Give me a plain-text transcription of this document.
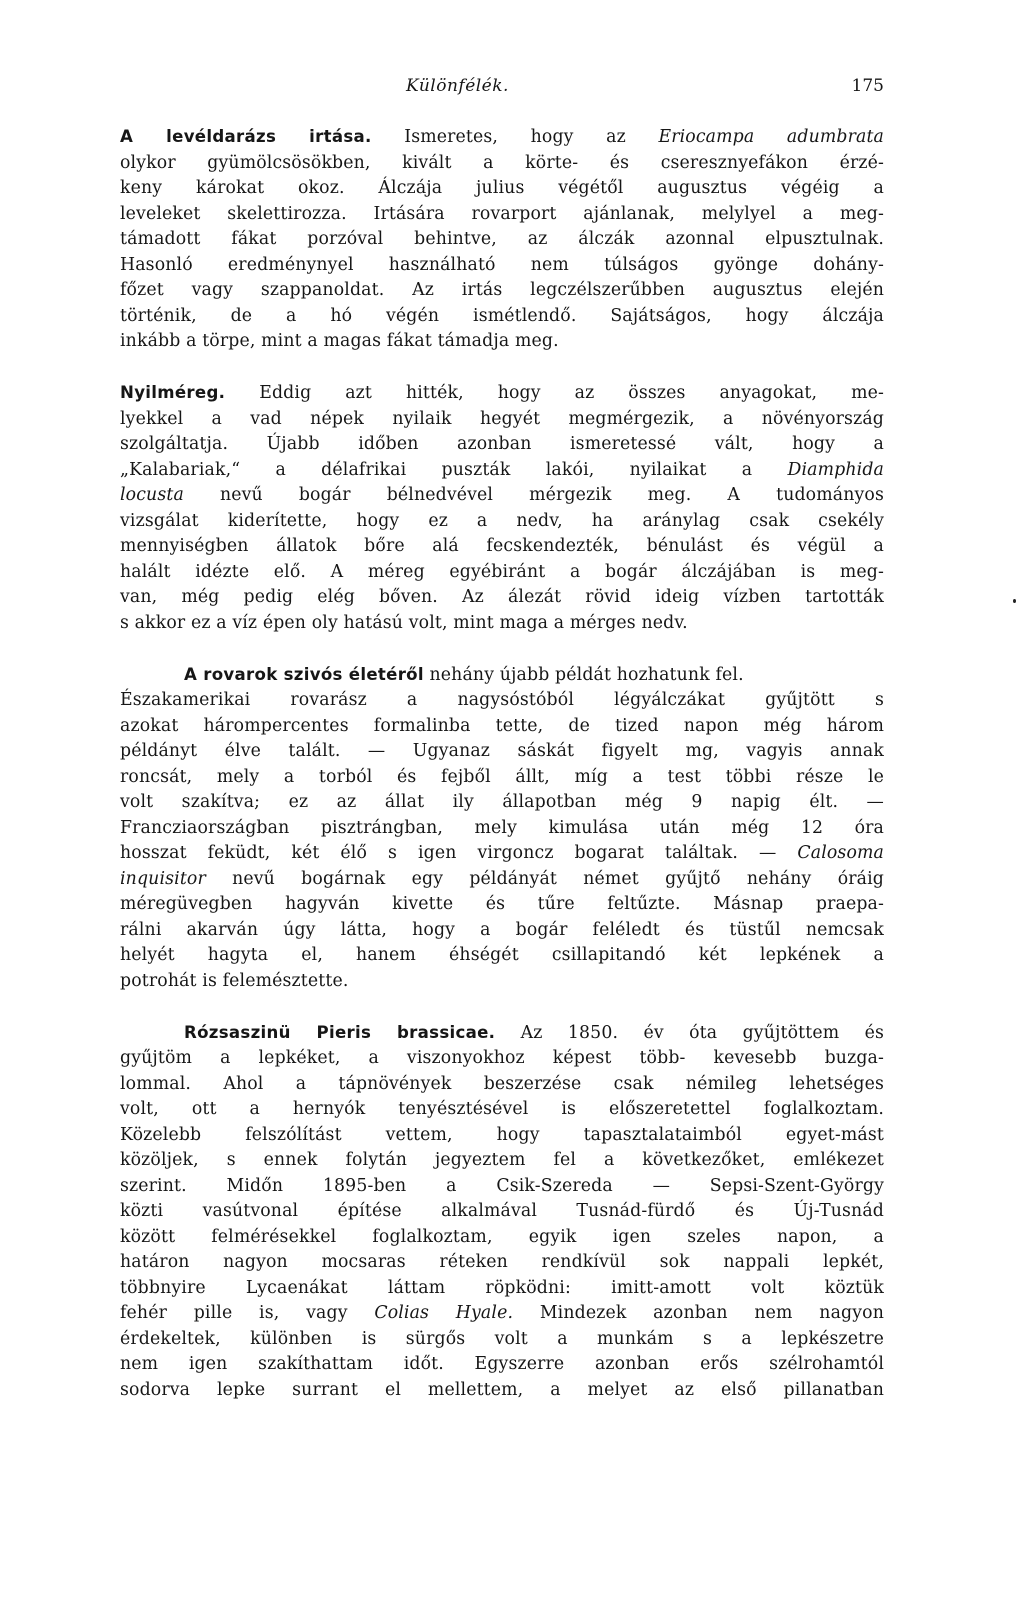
Különfélék.	175

A levéldarázs irtása. Ismeretes, hogy az Eriocampa adumbrata
olykor gyümölcsösökben, kivált a körte- és cseresznyefákon érzé-
keny károkat okoz. Álczája julius végétől augusztus végéig a
leveleket skelettirozza. Irtására rovarport ajánlanak, melylyel a meg-
támadott fákat porzóval behintve, az álczák azonnal elpusztulnak.
Hasonló eredménynyel használható nem túlságos gyönge dohány-
főzet vagy szappanoldat. Az irtás legczélszerűbben augusztus elején
történik, de a hó végén ismétlendő. Sajátságos, hogy álczája
inkább a törpe, mint a magas fákat támadja meg.

Nyilméreg. Eddig azt hitték, hogy az összes anyagokat, me-
lyekkel a vad népek nyilaik hegyét megmérgezik, a növényország
szolgáltatja. Újabb időben azonban ismeretessé vált, hogy a
„Kalabariak,“ a délafrikai puszták lakói, nyilaikat a Diamphida
locusta nevű bogár bélnedvével mérgezik meg. A tudományos
vizsgálat kiderítette, hogy ez a nedv, ha aránylag csak csekély
mennyiségben állatok bőre alá fecskendezték, bénulást és végül a
halált idézte elő. A méreg egyébiránt a bogár álczájában is meg-
van, még pedig elég bőven. Az álezát rövid ideig vízben tartották
s akkor ez a víz épen oly hatású volt, mint maga a mérges nedv.

A rovarok szivós életéről nehány újabb példát hozhatunk fel.
Északamerikai rovarász a nagysóstóból légyálczákat gyűjtött s
azokat hárompercentes formalinba tette, de tized napon még három
példányt élve talált. — Ugyanaz sáskát figyelt mg, vagyis annak
roncsát, mely a torból és fejből állt, míg a test többi része le
volt szakítva; ez az állat ily állapotban még 9 napig élt. —
Francziaországban pisztrángban, mely kimulása után még 12 óra
hosszat feküdt, két élő s igen virgoncz bogarat találtak. — Calosoma
inquisitor nevű bogárnak egy példányát német gyűjtő nehány óráig
méregüvegben hagyván kivette és tűre feltűzte. Másnap praepa-
rálni akarván úgy látta, hogy a bogár feléledt és tüstűl nemcsak
helyét hagyta el, hanem éhségét csillapitandó két lepkének a
potrohát is felemésztette.

Rózsaszinü Pieris brassicae. Az 1850. év óta gyűjtöttem és
gyűjtöm a lepkéket, a viszonyokhoz képest több- kevesebb buzga-
lommal. Ahol a tápnövények beszerzése csak némileg lehetséges
volt, ott a hernyók tenyésztésével is előszeretettel foglalkoztam.
Közelebb felszólítást vettem, hogy tapasztalataimból egyet-mást
közöljek, s ennek folytán jegyeztem fel a következőket, emlékezet
szerint. Midőn 1895-ben a Csik-Szereda — Sepsi-Szent-György
közti vasútvonal építése alkalmával Tusnád-fürdő és Új-Tusnád
között felmérésekkel foglalkoztam, egyik igen szeles napon, a
határon nagyon mocsaras réteken rendkívül sok nappali lepkét,
többnyire Lycaenákat láttam röpködni: imitt-amott volt köztük
fehér pille is, vagy Colias Hyale. Mindezek azonban nem nagyon
érdekeltek, különben is sürgős volt a munkám s a lepkészetre
nem igen szakíthattam időt. Egyszerre azonban erős szélrohamtól
sodorva lepke surrant el mellettem, a melyet az első pillanatban
